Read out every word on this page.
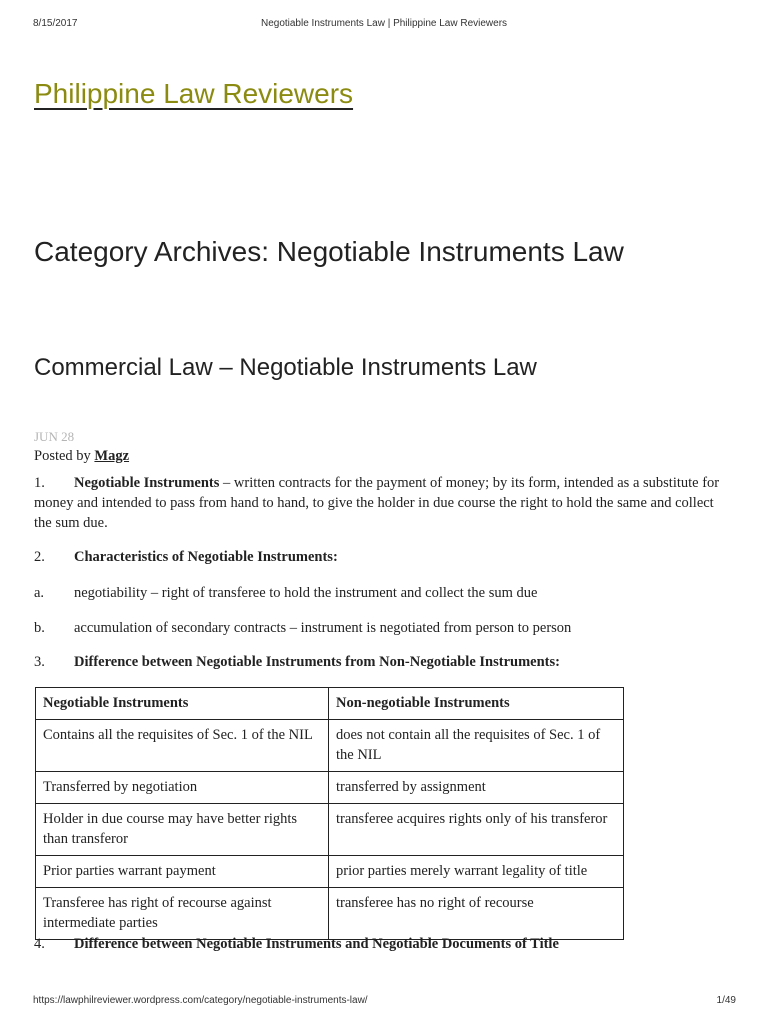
8/15/2017	Negotiable Instruments Law | Philippine Law Reviewers
Philippine Law Reviewers
Category Archives: Negotiable Instruments Law
Commercial Law – Negotiable Instruments Law
JUN 28
Posted by Magz
1. Negotiable Instruments – written contracts for the payment of money; by its form, intended as a substitute for money and intended to pass from hand to hand, to give the holder in due course the right to hold the same and collect the sum due.
2. Characteristics of Negotiable Instruments:
a. negotiability – right of transferee to hold the instrument and collect the sum due
b. accumulation of secondary contracts – instrument is negotiated from person to person
3. Difference between Negotiable Instruments from Non-Negotiable Instruments:
Negotiable Instruments	Non-negotiable Instruments
Contains all the requisites of Sec. 1 of the NIL	does not contain all the requisites of Sec. 1 of the NIL
Transferred by negotiation	transferred by assignment
Holder in due course may have better rights than transferor	transferee acquires rights only of his transferor
Prior parties warrant payment	prior parties merely warrant legality of title
Transferee has right of recourse against intermediate parties	transferee has no right of recourse
4. Difference between Negotiable Instruments and Negotiable Documents of Title
https://lawphilreviewer.wordpress.com/category/negotiable-instruments-law/	1/49
